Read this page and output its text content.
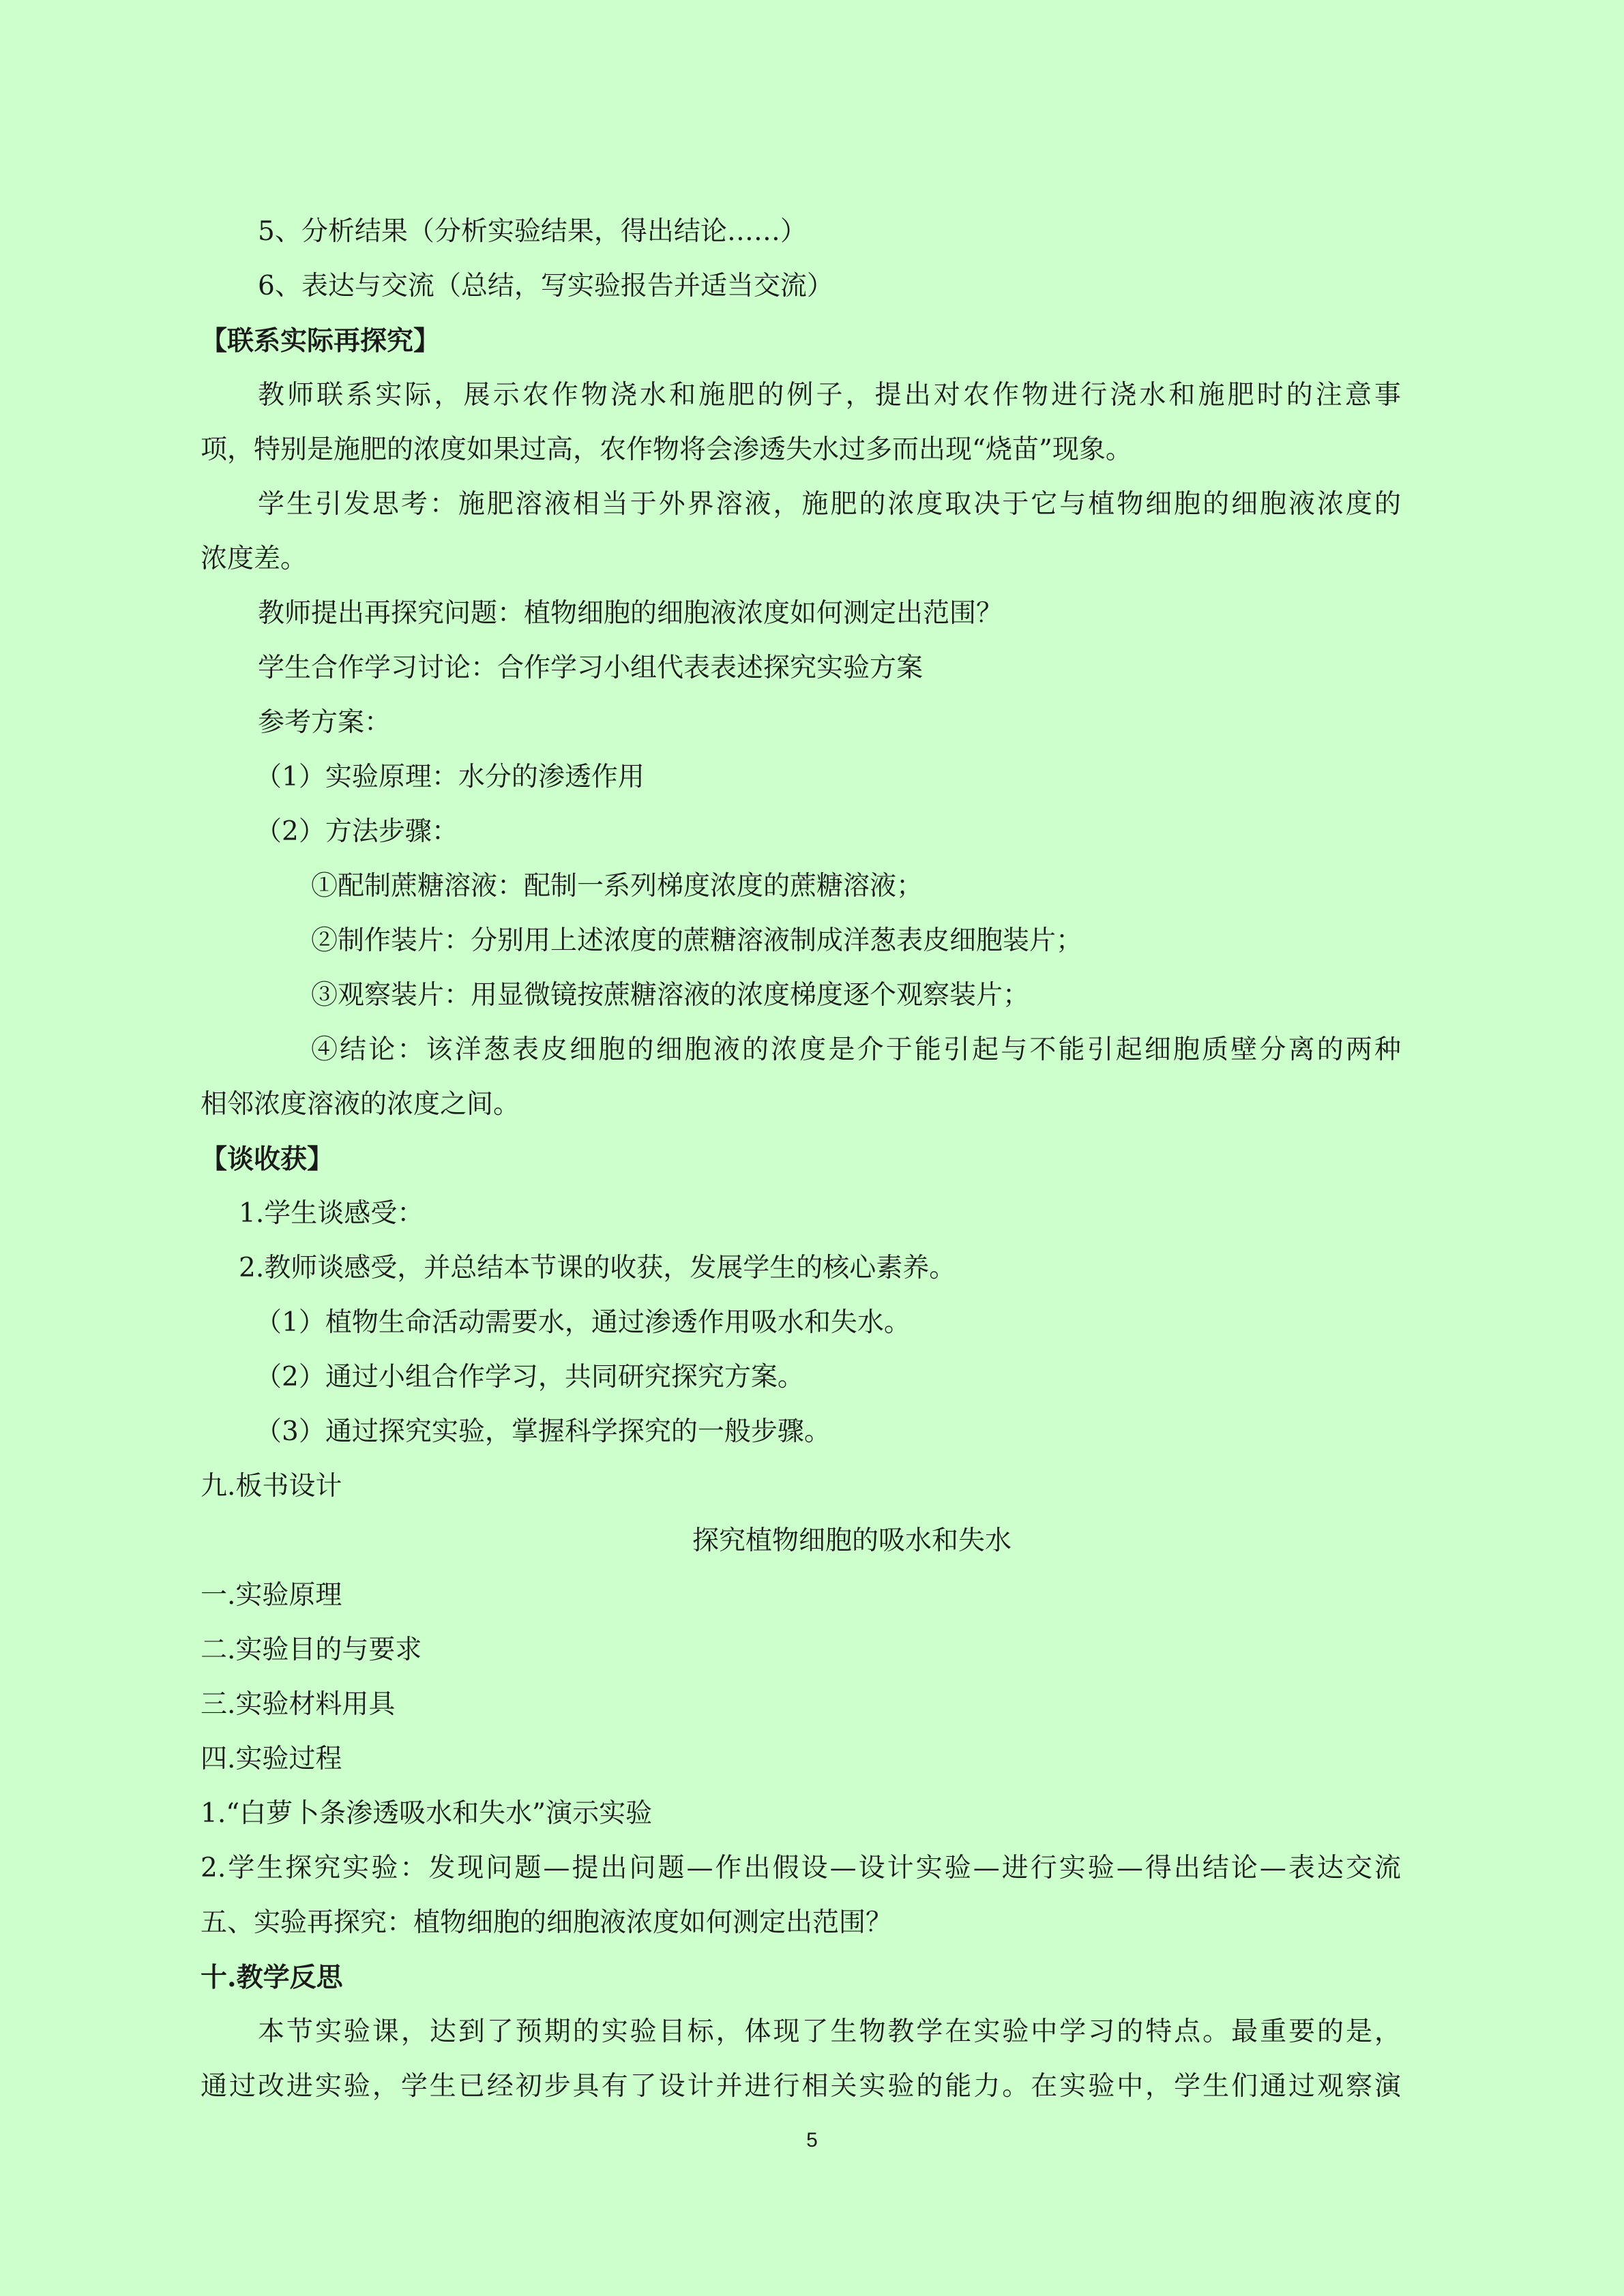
5、分析结果（分析实验结果，得出结论……）
6、表达与交流（总结，写实验报告并适当交流）
【联系实际再探究】
教师联系实际，展示农作物浇水和施肥的例子，提出对农作物进行浇水和施肥时的注意事
项，特别是施肥的浓度如果过高，农作物将会渗透失水过多而出现“烧苗”现象。
学生引发思考：施肥溶液相当于外界溶液，施肥的浓度取决于它与植物细胞的细胞液浓度的
浓度差。
教师提出再探究问题：植物细胞的细胞液浓度如何测定出范围？
学生合作学习讨论：合作学习小组代表表述探究实验方案
参考方案：
（1）实验原理：水分的渗透作用
（2）方法步骤：
①配制蔗糖溶液：配制一系列梯度浓度的蔗糖溶液；
②制作装片：分别用上述浓度的蔗糖溶液制成洋葱表皮细胞装片；
③观察装片：用显微镜按蔗糖溶液的浓度梯度逐个观察装片；
④结论：该洋葱表皮细胞的细胞液的浓度是介于能引起与不能引起细胞质壁分离的两种
相邻浓度溶液的浓度之间。
【谈收获】
1.学生谈感受：
2.教师谈感受，并总结本节课的收获，发展学生的核心素养。
（1）植物生命活动需要水，通过渗透作用吸水和失水。
（2）通过小组合作学习，共同研究探究方案。
（3）通过探究实验，掌握科学探究的一般步骤。
九.板书设计
探究植物细胞的吸水和失水
一.实验原理
二.实验目的与要求
三.实验材料用具
四.实验过程
1.“白萝卜条渗透吸水和失水”演示实验
2.学生探究实验：发现问题—提出问题—作出假设—设计实验—进行实验—得出结论—表达交流
五、实验再探究：植物细胞的细胞液浓度如何测定出范围？
十.教学反思
本节实验课，达到了预期的实验目标，体现了生物教学在实验中学习的特点。最重要的是，
通过改进实验，学生已经初步具有了设计并进行相关实验的能力。在实验中，学生们通过观察演
5
